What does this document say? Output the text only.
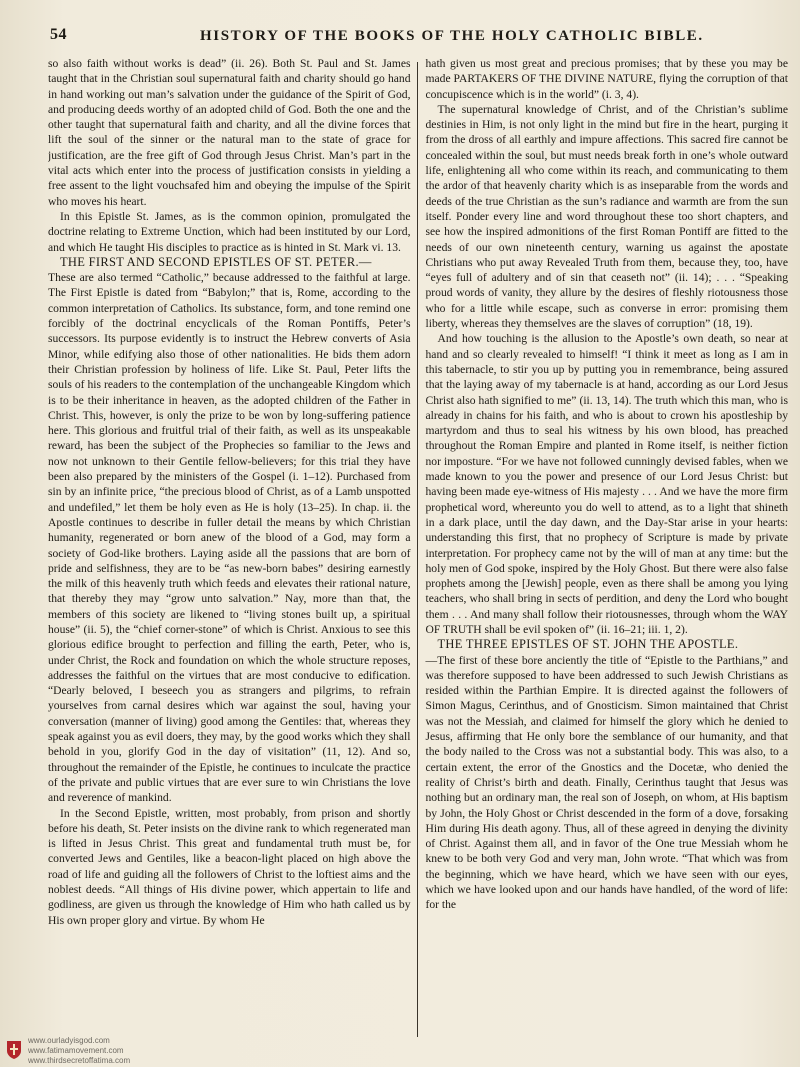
54	HISTORY OF THE BOOKS OF THE HOLY CATHOLIC BIBLE.

so also faith without works is dead” (ii. 26). Both St. Paul and St. James taught that in the Christian soul supernatural faith and charity should go hand in hand working out man’s salvation under the guidance of the Spirit of God, and producing deeds worthy of an adopted child of God. Both the one and the other taught that supernatural faith and charity, and all the divine forces that lift the soul of the sinner or the natural man to the state of grace for justification, are the free gift of God through Jesus Christ. Man’s part in the vital acts which enter into the process of justification consists in yielding a free assent to the light vouchsafed him and obeying the impulse of the Spirit who moves his heart.

In this Epistle St. James, as is the common opinion, promulgated the doctrine relating to Extreme Unction, which had been instituted by our Lord, and which He taught His disciples to practice as is hinted in St. Mark vi. 13.

THE FIRST AND SECOND EPISTLES OF ST. PETER.—

These are also termed “Catholic,” because addressed to the faithful at large. The First Epistle is dated from “Babylon;” that is, Rome, according to the common interpretation of Catholics. Its substance, form, and tone remind one forcibly of the doctrinal encyclicals of the Roman Pontiffs, Peter’s successors. Its purpose evidently is to instruct the Hebrew converts of Asia Minor, while edifying also those of other nationalities. He bids them adorn their Christian profession by holiness of life. Like St. Paul, Peter lifts the souls of his readers to the contemplation of the unchangeable Kingdom which is to be their inheritance in heaven, as the adopted children of the Father in Christ. This, however, is only the prize to be won by long-suffering patience here. This glorious and fruitful trial of their faith, as well as its unspeakable reward, has been the subject of the Prophecies so familiar to the Jews and now not unknown to their Gentile fellow-believers; for this trial they have been also prepared by the ministers of the Gospel (i. 1–12). Purchased from sin by an infinite price, “the precious blood of Christ, as of a Lamb unspotted and undefiled,” let them be holy even as He is holy (13–25). In chap. ii. the Apostle continues to describe in fuller detail the means by which Christian humanity, regenerated or born anew of the blood of a God, may form a society of God-like brothers. Laying aside all the passions that are born of pride and selfishness, they are to be “as new-born babes” desiring earnestly the milk of this heavenly truth which feeds and elevates their rational nature, that thereby they may “grow unto salvation.” Nay, more than that, the members of this society are likened to “living stones built up, a spiritual house” (ii. 5), the “chief corner-stone” of which is Christ. Anxious to see this glorious edifice brought to perfection and filling the earth, Peter, who is, under Christ, the Rock and foundation on which the whole structure reposes, addresses the faithful on the virtues that are most conducive to edification. “Dearly beloved, I beseech you as strangers and pilgrims, to refrain yourselves from carnal desires which war against the soul, having your conversation (manner of living) good among the Gentiles: that, whereas they speak against you as evil doers, they may, by the good works which they shall behold in you, glorify God in the day of visitation” (11, 12). And so, throughout the remainder of the Epistle, he continues to inculcate the practice of the private and public virtues that are ever sure to win Christians the love and reverence of mankind.

In the Second Epistle, written, most probably, from prison and shortly before his death, St. Peter insists on the divine rank to which regenerated man is lifted in Jesus Christ. This great and fundamental truth must be, for converted Jews and Gentiles, like a beacon-light placed on high above the road of life and guiding all the followers of Christ to the loftiest aims and the noblest deeds. “All things of His divine power, which appertain to life and godliness, are given us through the knowledge of Him who hath called us by His own proper glory and virtue. By whom He

hath given us most great and precious promises; that by these you may be made PARTAKERS OF THE DIVINE NATURE, flying the corruption of that concupiscence which is in the world” (i. 3, 4).

The supernatural knowledge of Christ, and of the Christian’s sublime destinies in Him, is not only light in the mind but fire in the heart, purging it from the dross of all earthly and impure affections. This sacred fire cannot be concealed within the soul, but must needs break forth in one’s whole outward life, enlightening all who come within its reach, and communicating to them the ardor of that heavenly charity which is as inseparable from the words and deeds of the true Christian as the sun’s radiance and warmth are from the sun itself. Ponder every line and word throughout these too short chapters, and see how the inspired admonitions of the first Roman Pontiff are fitted to the needs of our own nineteenth century, warning us against the apostate Christians who put away Revealed Truth from them, because they, too, have “eyes full of adultery and of sin that ceaseth not” (ii. 14); . . . “Speaking proud words of vanity, they allure by the desires of fleshly riotousness those who for a little while escape, such as converse in error: promising them liberty, whereas they themselves are the slaves of corruption” (18, 19).

And how touching is the allusion to the Apostle’s own death, so near at hand and so clearly revealed to himself! “I think it meet as long as I am in this tabernacle, to stir you up by putting you in remembrance, being assured that the laying away of my tabernacle is at hand, according as our Lord Jesus Christ also hath signified to me” (ii. 13, 14). The truth which this man, who is already in chains for his faith, and who is about to crown his apostleship by martyrdom and thus to seal his witness by his own blood, has preached throughout the Roman Empire and planted in Rome itself, is neither fiction nor imposture. “For we have not followed cunningly devised fables, when we made known to you the power and presence of our Lord Jesus Christ: but having been made eye-witness of His majesty . . . And we have the more firm prophetical word, whereunto you do well to attend, as to a light that shineth in a dark place, until the day dawn, and the Day-Star arise in your hearts: understanding this first, that no prophecy of Scripture is made by private interpretation. For prophecy came not by the will of man at any time: but the holy men of God spoke, inspired by the Holy Ghost. But there were also false prophets among the [Jewish] people, even as there shall be among you lying teachers, who shall bring in sects of perdition, and deny the Lord who bought them . . . And many shall follow their riotousnesses, through whom the WAY OF TRUTH shall be evil spoken of” (ii. 16–21; iii. 1, 2).

THE THREE EPISTLES OF ST. JOHN THE APOSTLE.

—The first of these bore anciently the title of “Epistle to the Parthians,” and was therefore supposed to have been addressed to such Jewish Christians as resided within the Parthian Empire. It is directed against the followers of Simon Magus, Cerinthus, and of Gnosticism. Simon maintained that Christ was not the Messiah, and claimed for himself the glory which he denied to Jesus, affirming that He only bore the semblance of our humanity, and that the body nailed to the Cross was not a substantial body. This was also, to a certain extent, the error of the Gnostics and the Docetæ, who denied the reality of Christ’s birth and death. Finally, Cerinthus taught that Jesus was nothing but an ordinary man, the real son of Joseph, on whom, at His baptism by John, the Holy Ghost or Christ descended in the form of a dove, forsaking Him during His death agony. Thus, all of these agreed in denying the divinity of Christ. Against them all, and in favor of the One true Messiah whom he knew to be both very God and very man, John wrote. “That which was from the beginning, which we have heard, which we have seen with our eyes, which we have looked upon and our hands have handled, of the word of life: for the

www.ourladyisgod.com
www.fatimamovement.com
www.thirdsecretoffatima.com
